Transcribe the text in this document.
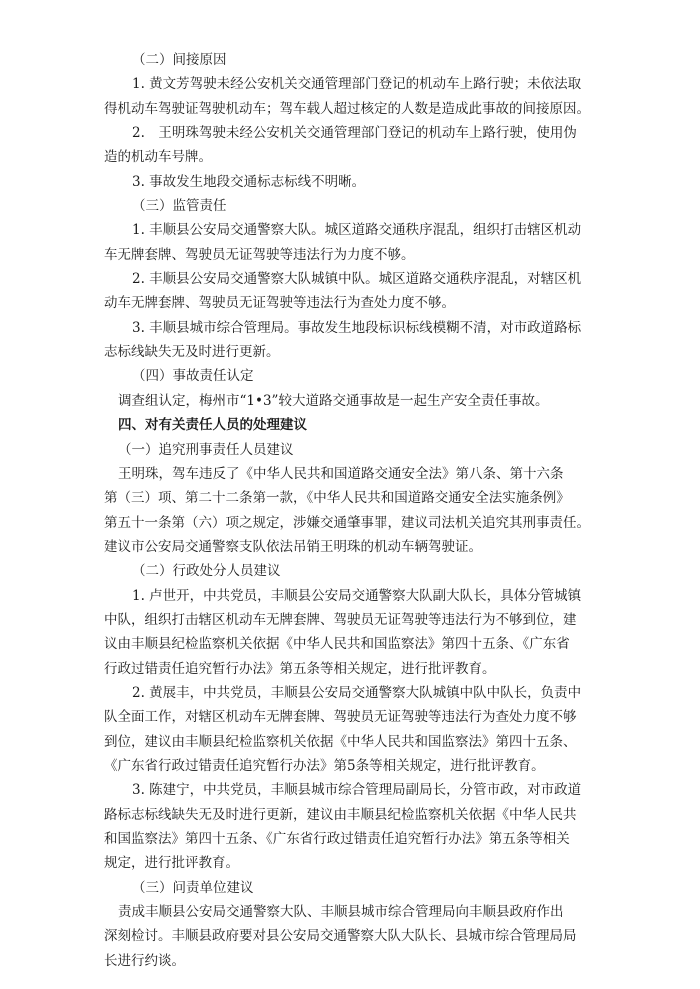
（二）间接原因
1. 黄文芳驾驶未经公安机关交通管理部门登记的机动车上路行驶；未依法取
得机动车驾驶证驾驶机动车；驾车载人超过核定的人数是造成此事故的间接原因。
2.　王明珠驾驶未经公安机关交通管理部门登记的机动车上路行驶，使用伪
造的机动车号牌。
3. 事故发生地段交通标志标线不明晰。
（三）监管责任
1. 丰顺县公安局交通警察大队。城区道路交通秩序混乱，组织打击辖区机动
车无牌套牌、驾驶员无证驾驶等违法行为力度不够。
2. 丰顺县公安局交通警察大队城镇中队。城区道路交通秩序混乱，对辖区机
动车无牌套牌、驾驶员无证驾驶等违法行为查处力度不够。
3. 丰顺县城市综合管理局。事故发生地段标识标线模糊不清，对市政道路标
志标线缺失无及时进行更新。
（四）事故责任认定
调查组认定，梅州市“1•3”较大道路交通事故是一起生产安全责任事故。
四、对有关责任人员的处理建议
（一）追究刑事责任人员建议
王明珠，驾车违反了《中华人民共和国道路交通安全法》第八条、第十六条
第（三）项、第二十二条第一款，《中华人民共和国道路交通安全法实施条例》
第五十一条第（六）项之规定，涉嫌交通肇事罪，建议司法机关追究其刑事责任。
建议市公安局交通警察支队依法吊销王明珠的机动车辆驾驶证。
（二）行政处分人员建议
1. 卢世开，中共党员，丰顺县公安局交通警察大队副大队长，具体分管城镇
中队，组织打击辖区机动车无牌套牌、驾驶员无证驾驶等违法行为不够到位，建
议由丰顺县纪检监察机关依据《中华人民共和国监察法》第四十五条、《广东省
行政过错责任追究暂行办法》第五条等相关规定，进行批评教育。
2. 黄展丰，中共党员，丰顺县公安局交通警察大队城镇中队中队长，负责中
队全面工作，对辖区机动车无牌套牌、驾驶员无证驾驶等违法行为查处力度不够
到位，建议由丰顺县纪检监察机关依据《中华人民共和国监察法》第四十五条、
《广东省行政过错责任追究暂行办法》第5条等相关规定，进行批评教育。
3. 陈建宁，中共党员，丰顺县城市综合管理局副局长，分管市政，对市政道
路标志标线缺失无及时进行更新，建议由丰顺县纪检监察机关依据《中华人民共
和国监察法》第四十五条、《广东省行政过错责任追究暂行办法》第五条等相关
规定，进行批评教育。
（三）问责单位建议
责成丰顺县公安局交通警察大队、丰顺县城市综合管理局向丰顺县政府作出
深刻检讨。丰顺县政府要对县公安局交通警察大队大队长、县城市综合管理局局
长进行约谈。
